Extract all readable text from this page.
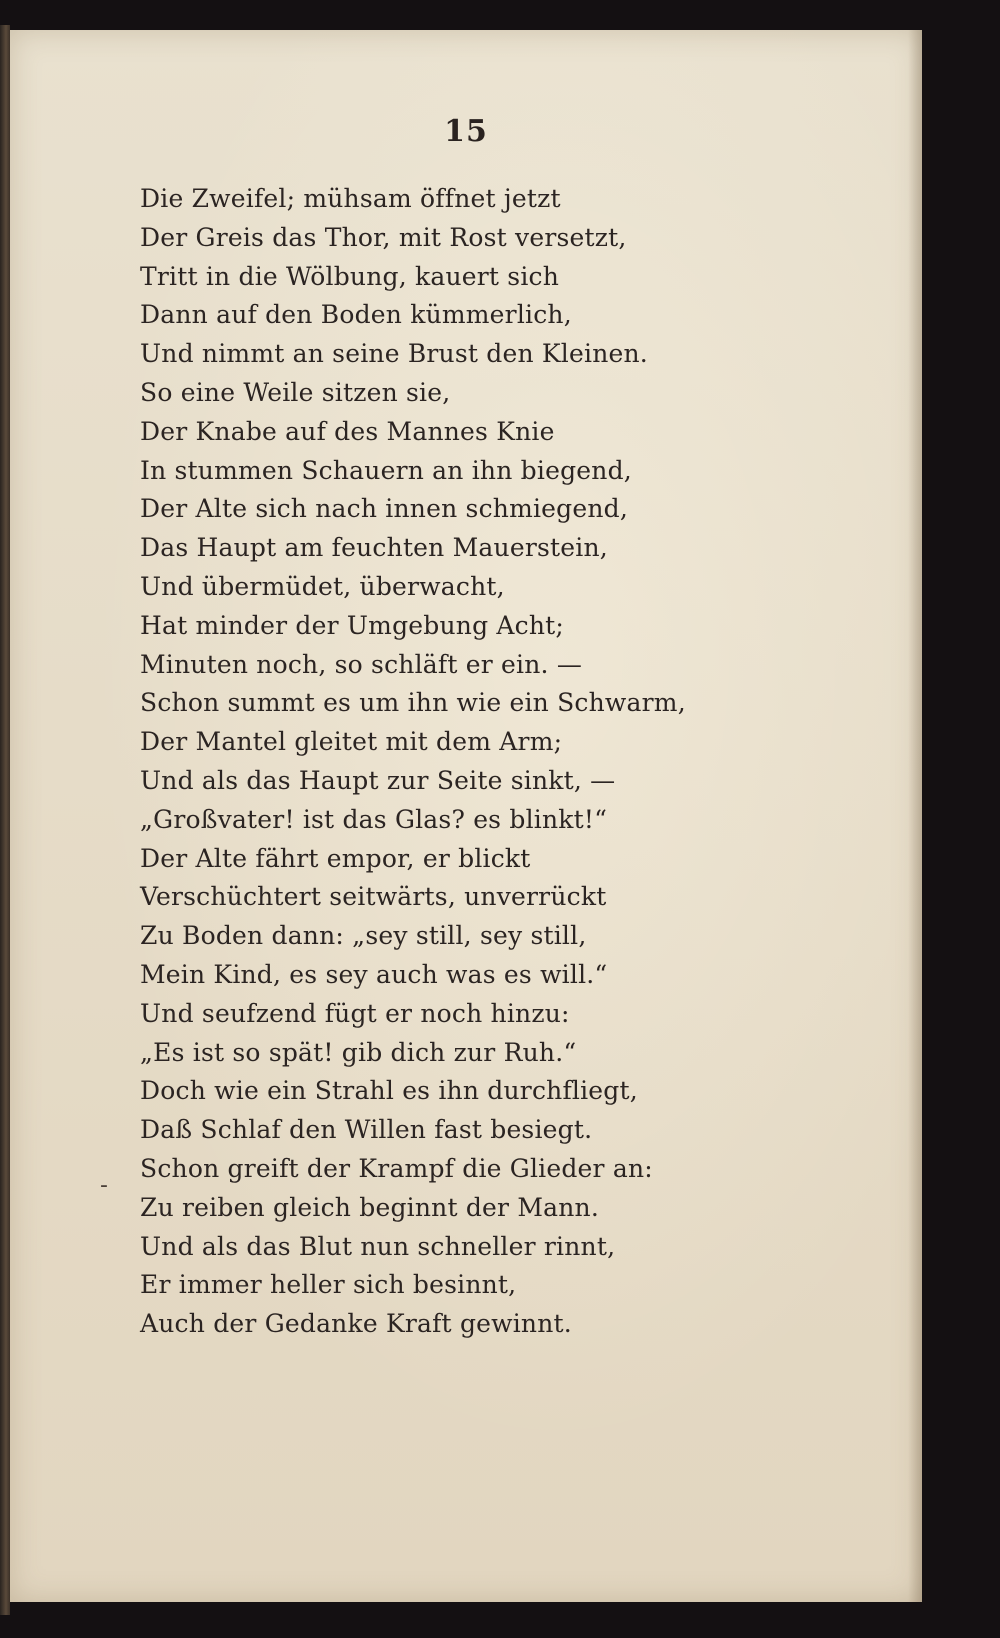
15
Die Zweifel; mühsam öffnet jetzt
Der Greis das Thor, mit Rost versetzt,
Tritt in die Wölbung, kauert sich
Dann auf den Boden kümmerlich,
Und nimmt an seine Brust den Kleinen.
So eine Weile sitzen sie,
Der Knabe auf des Mannes Knie
In stummen Schauern an ihn biegend,
Der Alte sich nach innen schmiegend,
Das Haupt am feuchten Mauerstein,
Und übermüdet, überwacht,
Hat minder der Umgebung Acht;
Minuten noch, so schläft er ein. —
Schon summt es um ihn wie ein Schwarm,
Der Mantel gleitet mit dem Arm;
Und als das Haupt zur Seite sinkt, —
„Großvater! ist das Glas? es blinkt!“
Der Alte fährt empor, er blickt
Verschüchtert seitwärts, unverrückt
Zu Boden dann: „sey still, sey still,
Mein Kind, es sey auch was es will.“
Und seufzend fügt er noch hinzu:
„Es ist so spät! gib dich zur Ruh.“
Doch wie ein Strahl es ihn durchfliegt,
Daß Schlaf den Willen fast besiegt.
Schon greift der Krampf die Glieder an:
Zu reiben gleich beginnt der Mann.
Und als das Blut nun schneller rinnt,
Er immer heller sich besinnt,
Auch der Gedanke Kraft gewinnt.
-
